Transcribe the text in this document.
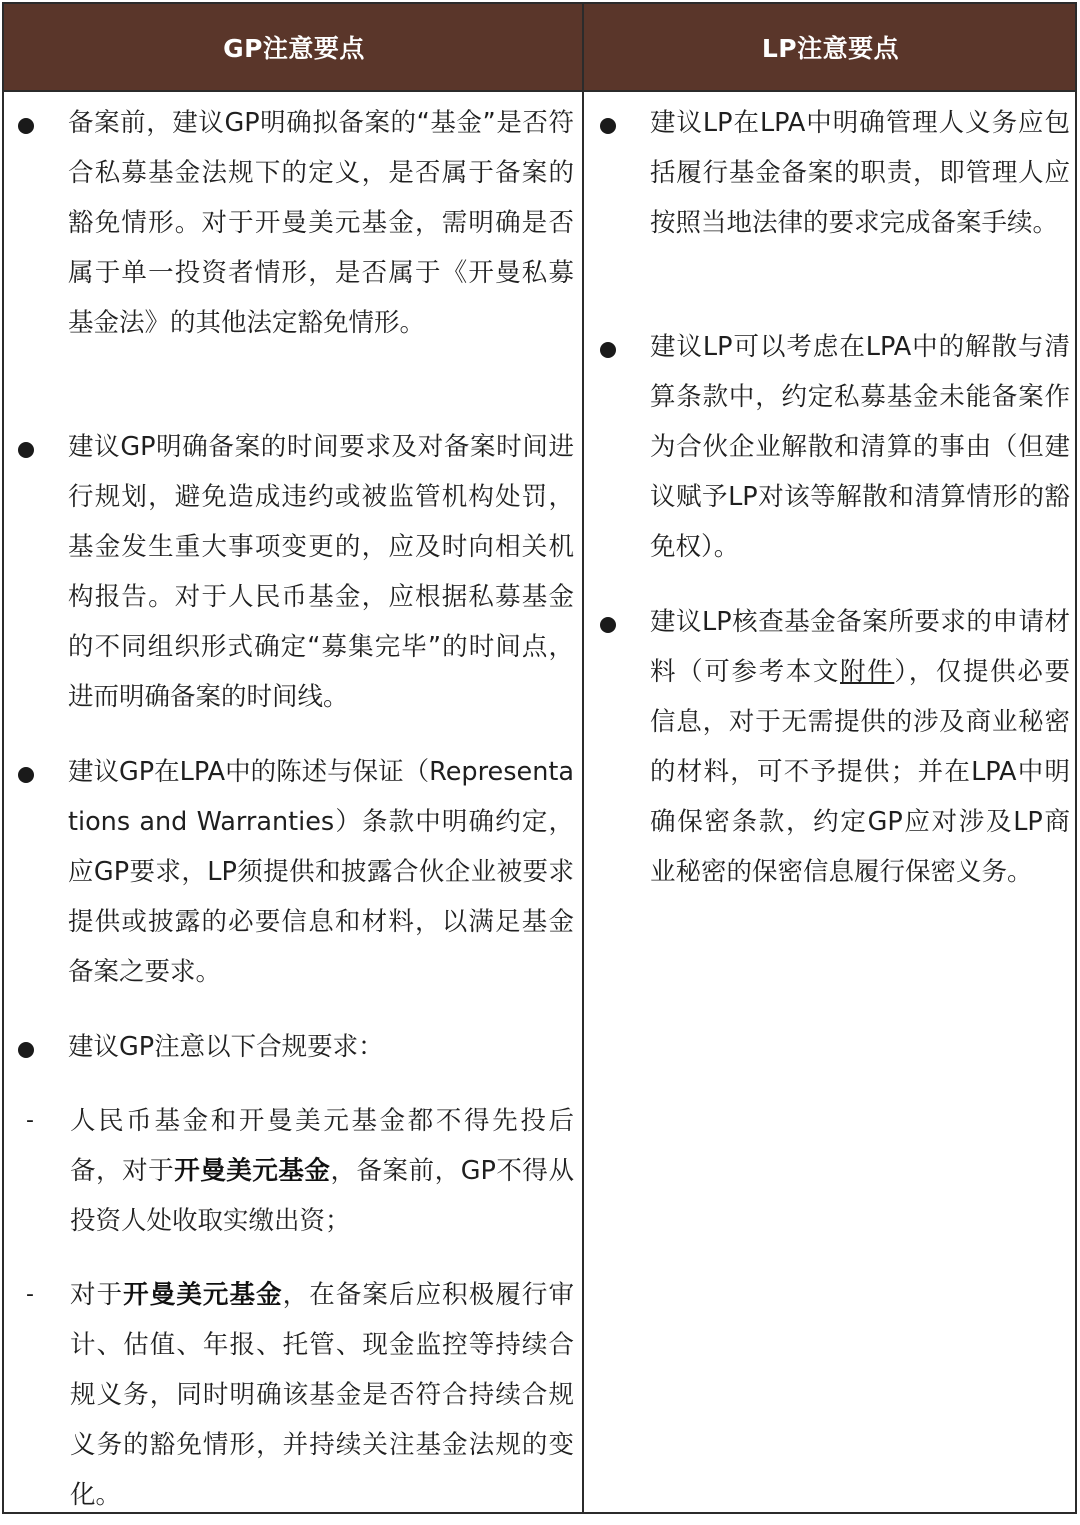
GP注意要点	LP注意要点
备案前，建议GP明确拟备案的“基金”是否符合私募基金法规下的定义，是否属于备案的豁免情形。对于开曼美元基金，需明确是否属于单一投资者情形，是否属于《开曼私募基金法》的其他法定豁免情形。
建议GP明确备案的时间要求及对备案时间进行规划，避免造成违约或被监管机构处罚，基金发生重大事项变更的，应及时向相关机构报告。对于人民币基金，应根据私募基金的不同组织形式确定“募集完毕”的时间点，进而明确备案的时间线。
建议GP在LPA中的陈述与保证（Representations and Warranties）条款中明确约定，应GP要求，LP须提供和披露合伙企业被要求提供或披露的必要信息和材料，以满足基金备案之要求。
建议GP注意以下合规要求：
- 人民币基金和开曼美元基金都不得先投后备，对于开曼美元基金，备案前，GP不得从投资人处收取实缴出资；
- 对于开曼美元基金，在备案后应积极履行审计、估值、年报、托管、现金监控等持续合规义务，同时明确该基金是否符合持续合规义务的豁免情形，并持续关注基金法规的变化。
建议LP在LPA中明确管理人义务应包括履行基金备案的职责，即管理人应按照当地法律的要求完成备案手续。
建议LP可以考虑在LPA中的解散与清算条款中，约定私募基金未能备案作为合伙企业解散和清算的事由（但建议赋予LP对该等解散和清算情形的豁免权）。
建议LP核查基金备案所要求的申请材料（可参考本文附件），仅提供必要信息，对于无需提供的涉及商业秘密的材料，可不予提供；并在LPA中明确保密条款，约定GP应对涉及LP商业秘密的保密信息履行保密义务。
